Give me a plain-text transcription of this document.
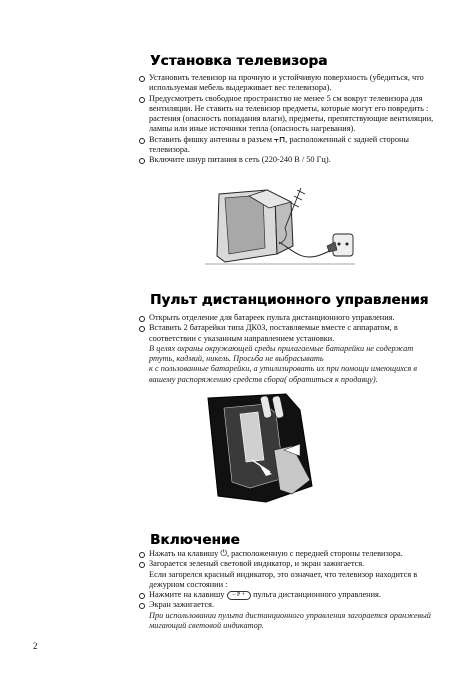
Установка телевизора
Установить телевизор на прочную и устойчивую поверхность (убедиться, что используемая мебель выдерживает вес телевизора).
Предусмотреть свободное пространство не менее 5 см вокруг телевизора для вентиляции. Не ставить на телевизор предметы, которые могут его повредить : растения (опасность попадания влаги), предметы, препятствующие вентиляции, лампы или иные источники тепла (опасность нагревания).
Вставить фишку антенны в разъем ⫟⊓, расположенный с задней стороны телевизора.
Включите шнур питания в сеть (220-240 В / 50 Гц).
Пульт дистанционного управления
Открыть отделение для батареек пульта дистанционного управления.
Вставить 2 батарейки типа ДК03, поставляемые вместе с аппаратом, в соответствии с указанным направлением установки.
В целях охраны окружающей среды прилагаемые батарейки не содержат ртуть, кадмий, никель. Просьба не выбрасывать
к с пользованные батарейки, а утилизировать их при помощи имеющихся в вашему распоряжению средств сбора( обратиться к продавцу).
Включение
Нажать на клавишу ⏻, расположенную с передней стороны телевизора.
Загорается зеленый световой индикатор, и экран зажигается.
Если загорелся красный индикатор, это означает, что телевизор находится в дежурном состоянии :
Нажмите на клавишу – P + пульта дистанционного управления.
Экран зажигается.
При использовании пульта дистанционного управления загорается оранжевый мигающий световой индикатор.
2
